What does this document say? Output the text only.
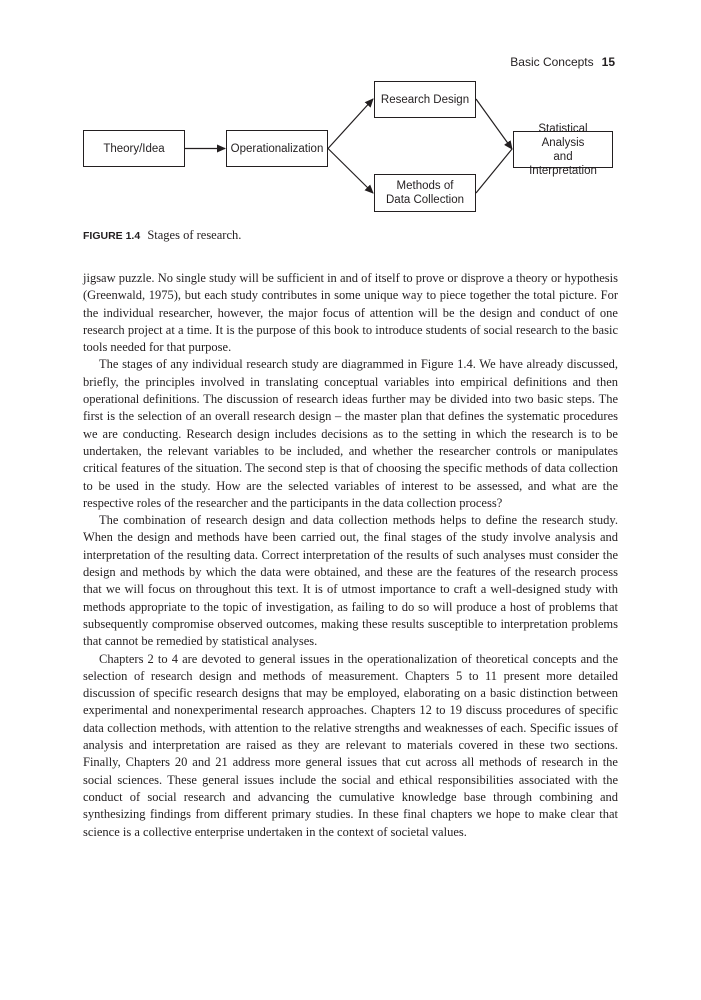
Basic Concepts 15
Theory/Idea	Operationalization
Research Design
Methods of
Data Collection
Statistical Analysis
and Interpretation
FIGURE 1.4 Stages of research.

jigsaw puzzle. No single study will be sufficient in and of itself to prove or disprove a theory or hypothesis (Greenwald, 1975), but each study contributes in some unique way to piece together the total picture. For the individual researcher, however, the major focus of attention will be the design and conduct of one research project at a time. It is the purpose of this book to introduce students of social research to the basic tools needed for that purpose.

The stages of any individual research study are diagrammed in Figure 1.4. We have already discussed, briefly, the principles involved in translating conceptual variables into empirical definitions and then operational definitions. The discussion of research ideas further may be divided into two basic steps. The first is the selection of an overall research design – the master plan that defines the systematic procedures we are conducting. Research design includes decisions as to the setting in which the research is to be undertaken, the relevant variables to be included, and whether the researcher controls or manipulates critical features of the situation. The second step is that of choosing the specific methods of data collection to be used in the study. How are the selected variables of interest to be assessed, and what are the respective roles of the researcher and the participants in the data collection process?

The combination of research design and data collection methods helps to define the research study. When the design and methods have been carried out, the final stages of the study involve analysis and interpretation of the resulting data. Correct interpretation of the results of such analyses must consider the design and methods by which the data were obtained, and these are the features of the research process that we will focus on throughout this text. It is of utmost importance to craft a well-designed study with methods appropriate to the topic of investigation, as failing to do so will produce a host of problems that subsequently compromise observed outcomes, making these results susceptible to interpretation problems that cannot be remedied by statistical analyses.

Chapters 2 to 4 are devoted to general issues in the operationalization of theoretical concepts and the selection of research design and methods of measurement. Chapters 5 to 11 present more detailed discussion of specific research designs that may be employed, elaborating on a basic distinction between experimental and nonexperimental research approaches. Chapters 12 to 19 discuss procedures of specific data collection methods, with attention to the relative strengths and weaknesses of each. Specific issues of analysis and interpretation are raised as they are relevant to materials covered in these two sections. Finally, Chapters 20 and 21 address more general issues that cut across all methods of research in the social sciences. These general issues include the social and ethical responsibilities associated with the conduct of social research and advancing the cumulative knowledge base through combining and synthesizing findings from different primary studies. In these final chapters we hope to make clear that science is a collective enterprise undertaken in the context of societal values.
